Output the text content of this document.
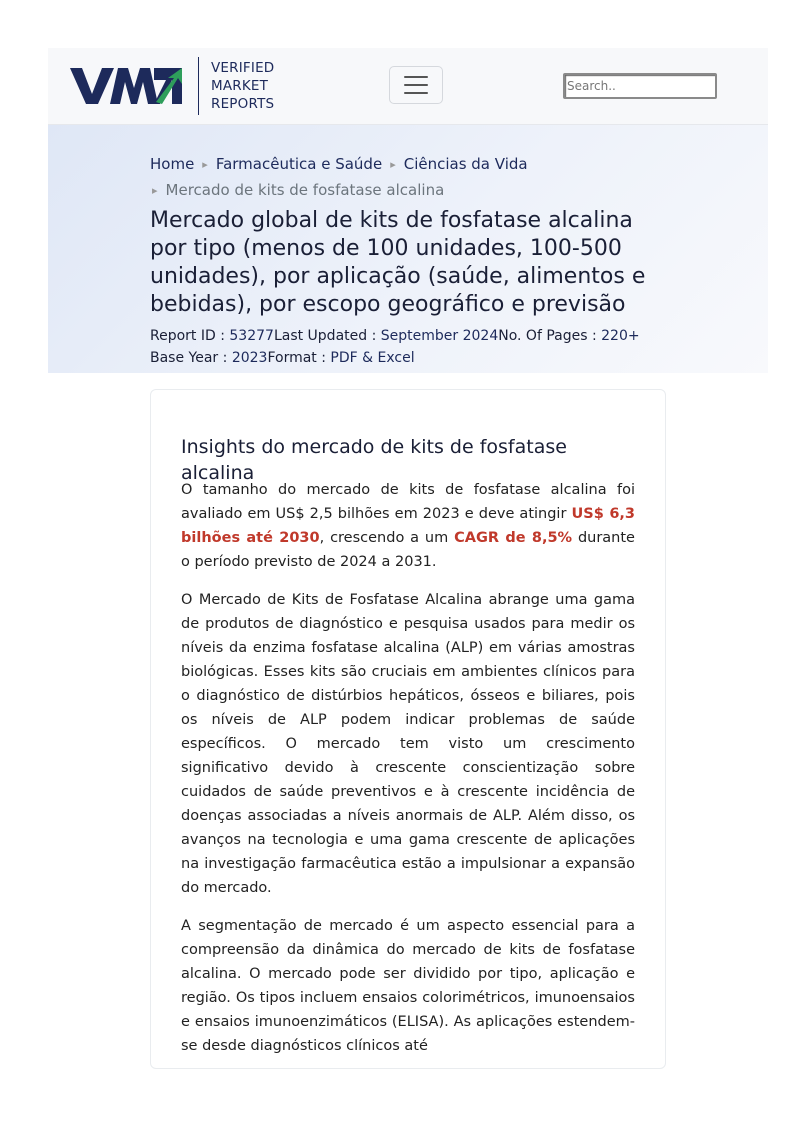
VERIFIED
MARKET
REPORTS
Search..
Home ▸ Farmacêutica e Saúde ▸ Ciências da Vida
▸ Mercado de kits de fosfatase alcalina
Mercado global de kits de fosfatase alcalina por tipo (menos de 100 unidades, 100-500 unidades), por aplicação (saúde, alimentos e bebidas), por escopo geográfico e previsão
Report ID : 53277Last Updated : September 2024No. Of Pages : 220+
Base Year : 2023Format : PDF & Excel
Insights do mercado de kits de fosfatase alcalina

O tamanho do mercado de kits de fosfatase alcalina foi avaliado em US$ 2,5 bilhões em 2023 e deve atingir US$ 6,3 bilhões até 2030, crescendo a um CAGR de 8,5% durante o período previsto de 2024 a 2031.

O Mercado de Kits de Fosfatase Alcalina abrange uma gama de produtos de diagnóstico e pesquisa usados para medir os níveis da enzima fosfatase alcalina (ALP) em várias amostras biológicas. Esses kits são cruciais em ambientes clínicos para o diagnóstico de distúrbios hepáticos, ósseos e biliares, pois os níveis de ALP podem indicar problemas de saúde específicos. O mercado tem visto um crescimento significativo devido à crescente conscientização sobre cuidados de saúde preventivos e à crescente incidência de doenças associadas a níveis anormais de ALP. Além disso, os avanços na tecnologia e uma gama crescente de aplicações na investigação farmacêutica estão a impulsionar a expansão do mercado.

A segmentação de mercado é um aspecto essencial para a compreensão da dinâmica do mercado de kits de fosfatase alcalina. O mercado pode ser dividido por tipo, aplicação e região. Os tipos incluem ensaios colorimétricos, imunoensaios e ensaios imunoenzimáticos (ELISA). As aplicações estendem-se desde diagnósticos clínicos até
